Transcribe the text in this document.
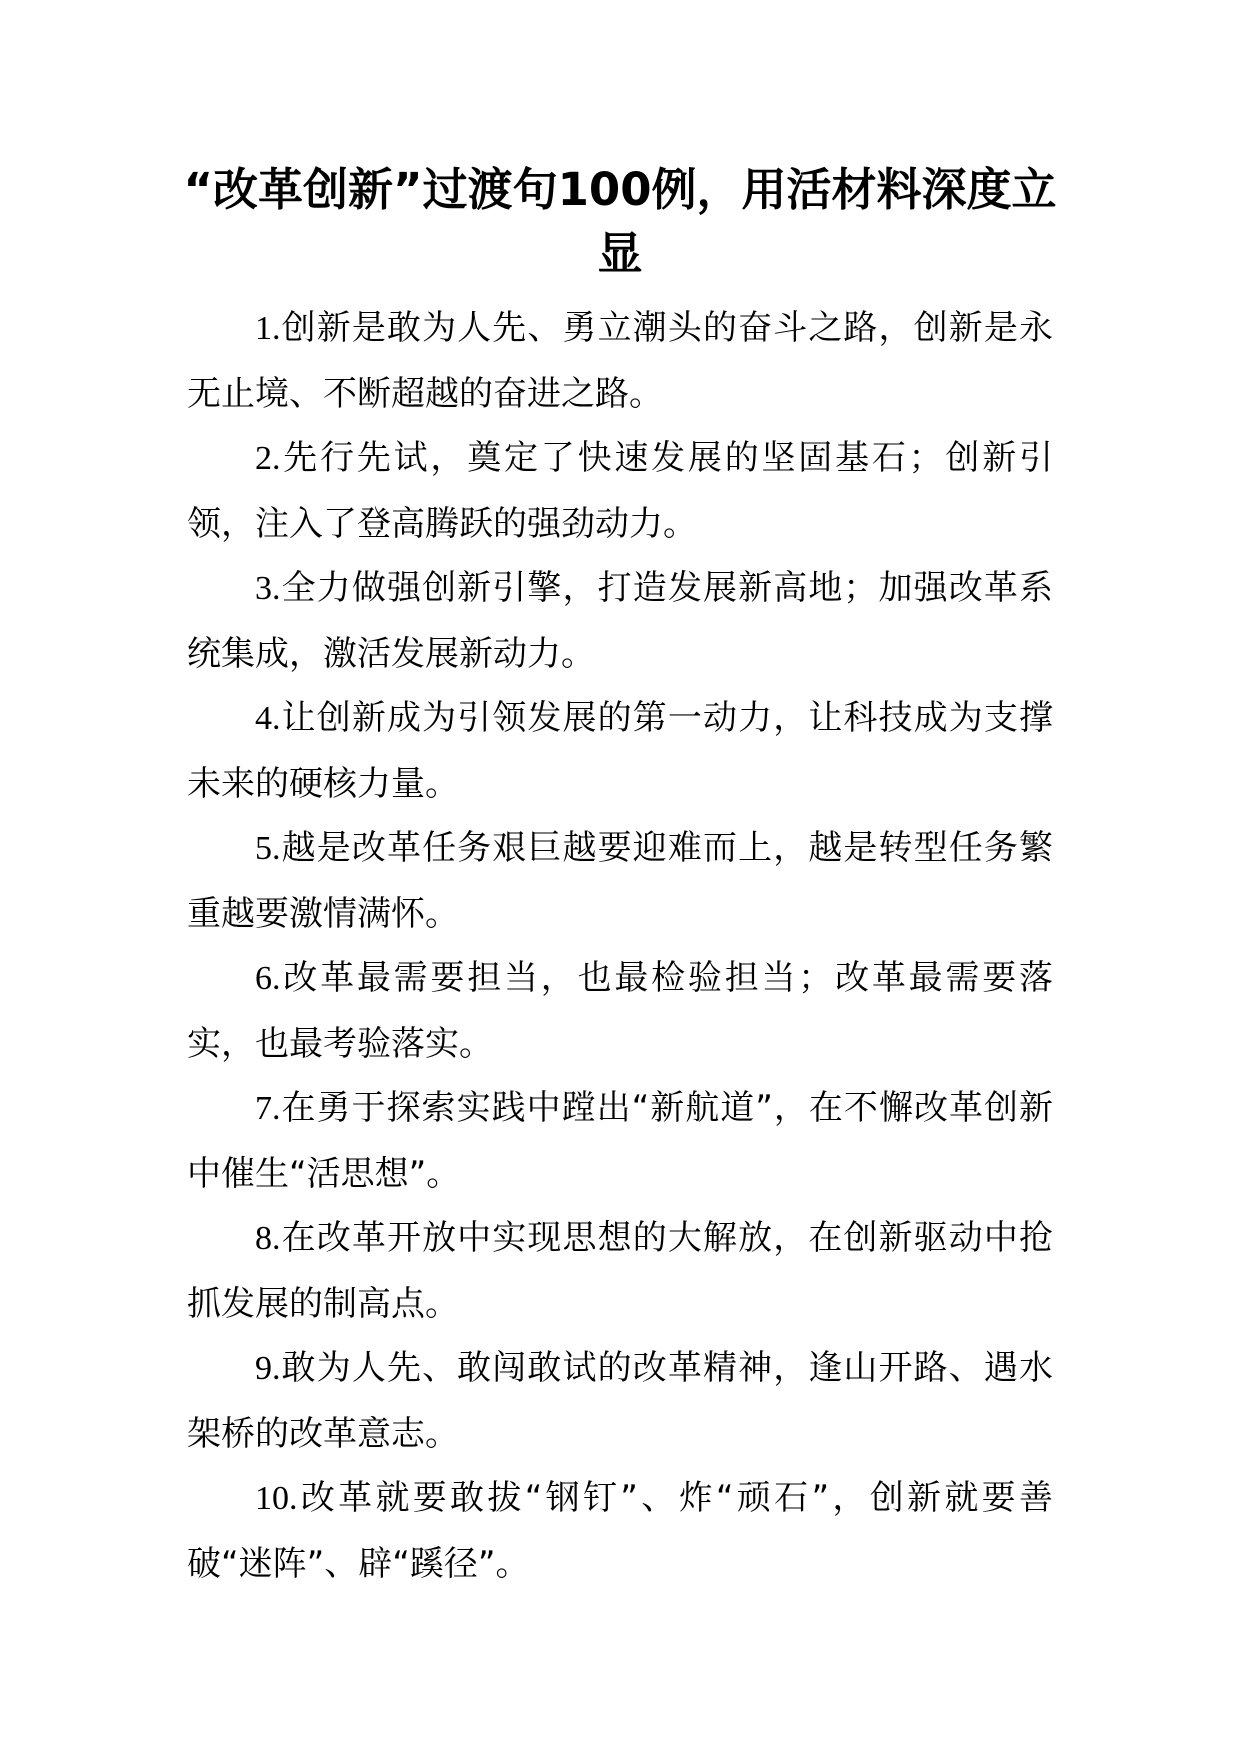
“改革创新”过渡句100例，用活材料深度立显

1.创新是敢为人先、勇立潮头的奋斗之路，创新是永无止境、不断超越的奋进之路。

2.先行先试，奠定了快速发展的坚固基石；创新引领，注入了登高腾跃的强劲动力。

3.全力做强创新引擎，打造发展新高地；加强改革系统集成，激活发展新动力。

4.让创新成为引领发展的第一动力，让科技成为支撑未来的硬核力量。

5.越是改革任务艰巨越要迎难而上，越是转型任务繁重越要激情满怀。

6.改革最需要担当，也最检验担当；改革最需要落实，也最考验落实。

7.在勇于探索实践中蹚出“新航道”，在不懈改革创新中催生“活思想”。

8.在改革开放中实现思想的大解放，在创新驱动中抢抓发展的制高点。

9.敢为人先、敢闯敢试的改革精神，逢山开路、遇水架桥的改革意志。

10.改革就要敢拔“钢钉”、炸“顽石”，创新就要善破“迷阵”、辟“蹊径”。
